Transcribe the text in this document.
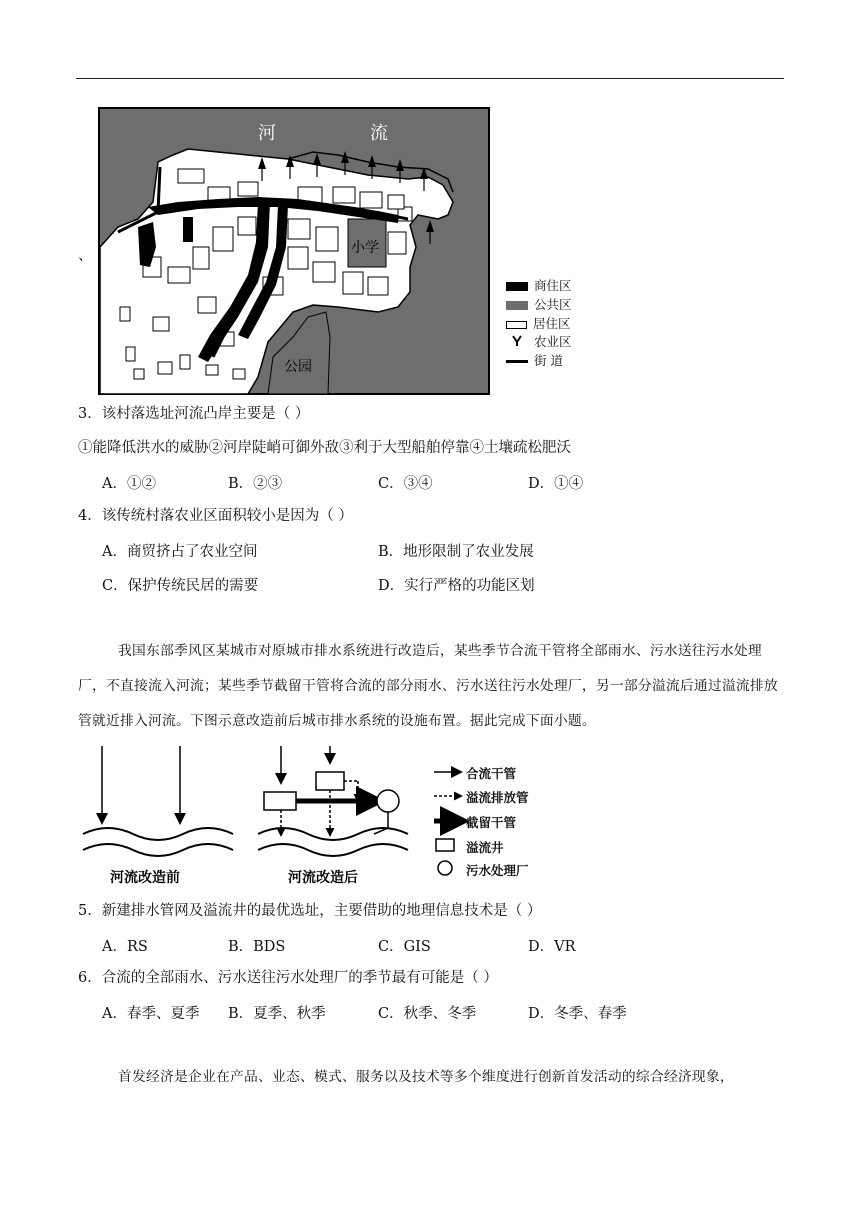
河	流
小学
公园
、
商住区
公共区
居住区
农业区
街 道
3．该村落选址河流凸岸主要是（ ）
①能降低洪水的威胁②河岸陡峭可御外敌③利于大型船舶停靠④土壤疏松肥沃
A．①②	B．②③	C．③④	D．①④
4．该传统村落农业区面积较小是因为（ ）
A．商贸挤占了农业空间	B．地形限制了农业发展
C．保护传统民居的需要	D．实行严格的功能区划
我国东部季风区某城市对原城市排水系统进行改造后，某些季节合流干管将全部雨水、污水送往污水处理厂，不直接流入河流；某些季节截留干管将合流的部分雨水、污水送往污水处理厂，另一部分溢流后通过溢流排放管就近排入河流。下图示意改造前后城市排水系统的设施布置。据此完成下面小题。
河流改造前	河流改造后
合流干管
溢流排放管
截留干管
溢流井
污水处理厂
5．新建排水管网及溢流井的最优选址，主要借助的地理信息技术是（ ）
A．RS	B．BDS	C．GIS	D．VR
6．合流的全部雨水、污水送往污水处理厂的季节最有可能是（ ）
A．春季、夏季 B．夏季、秋季	C．秋季、冬季	D．冬季、春季
首发经济是企业在产品、业态、模式、服务以及技术等多个维度进行创新首发活动的综合经济现象，
